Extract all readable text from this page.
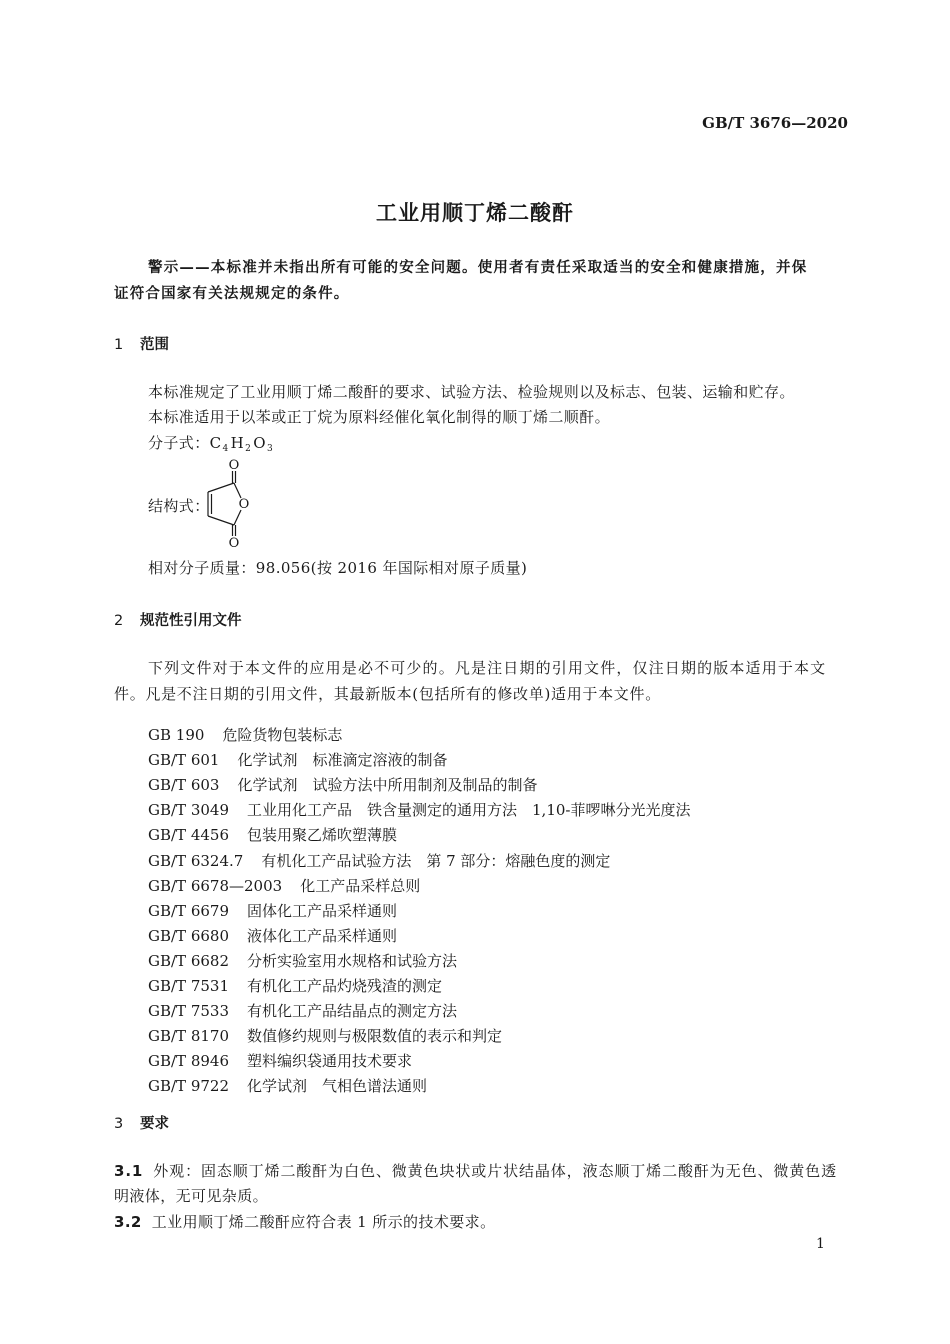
GB/T 3676—2020
工业用顺丁烯二酸酐
警示——本标准并未指出所有可能的安全问题。使用者有责任采取适当的安全和健康措施，并保
证符合国家有关法规规定的条件。
1 范围
本标准规定了工业用顺丁烯二酸酐的要求、试验方法、检验规则以及标志、包装、运输和贮存。
本标准适用于以苯或正丁烷为原料经催化氧化制得的顺丁烯二顺酐。
分子式：$C_4$ $H_2$ $O_3$
结构式：
O
O
O
相对分子质量：98.056(按 2016 年国际相对原子质量)
2 规范性引用文件
下列文件对于本文件的应用是必不可少的。凡是注日期的引用文件，仅注日期的版本适用于本文
件。凡是不注日期的引用文件，其最新版本(包括所有的修改单)适用于本文件。
GB 190 危险货物包装标志
GB/T 601 化学试剂　标准滴定溶液的制备
GB/T 603 化学试剂　试验方法中所用制剂及制品的制备
GB/T 3049 工业用化工产品　铁含量测定的通用方法　1,10-菲啰啉分光光度法
GB/T 4456 包装用聚乙烯吹塑薄膜
GB/T 6324.7 有机化工产品试验方法　第 7 部分：熔融色度的测定
GB/T 6678—2003 化工产品采样总则
GB/T 6679 固体化工产品采样通则
GB/T 6680 液体化工产品采样通则
GB/T 6682 分析实验室用水规格和试验方法
GB/T 7531 有机化工产品灼烧残渣的测定
GB/T 7533 有机化工产品结晶点的测定方法
GB/T 8170 数值修约规则与极限数值的表示和判定
GB/T 8946 塑料编织袋通用技术要求
GB/T 9722 化学试剂　气相色谱法通则
3 要求
3.1 外观：固态顺丁烯二酸酐为白色、微黄色块状或片状结晶体，液态顺丁烯二酸酐为无色、微黄色透
明液体，无可见杂质。
3.2 工业用顺丁烯二酸酐应符合表 1 所示的技术要求。
1
